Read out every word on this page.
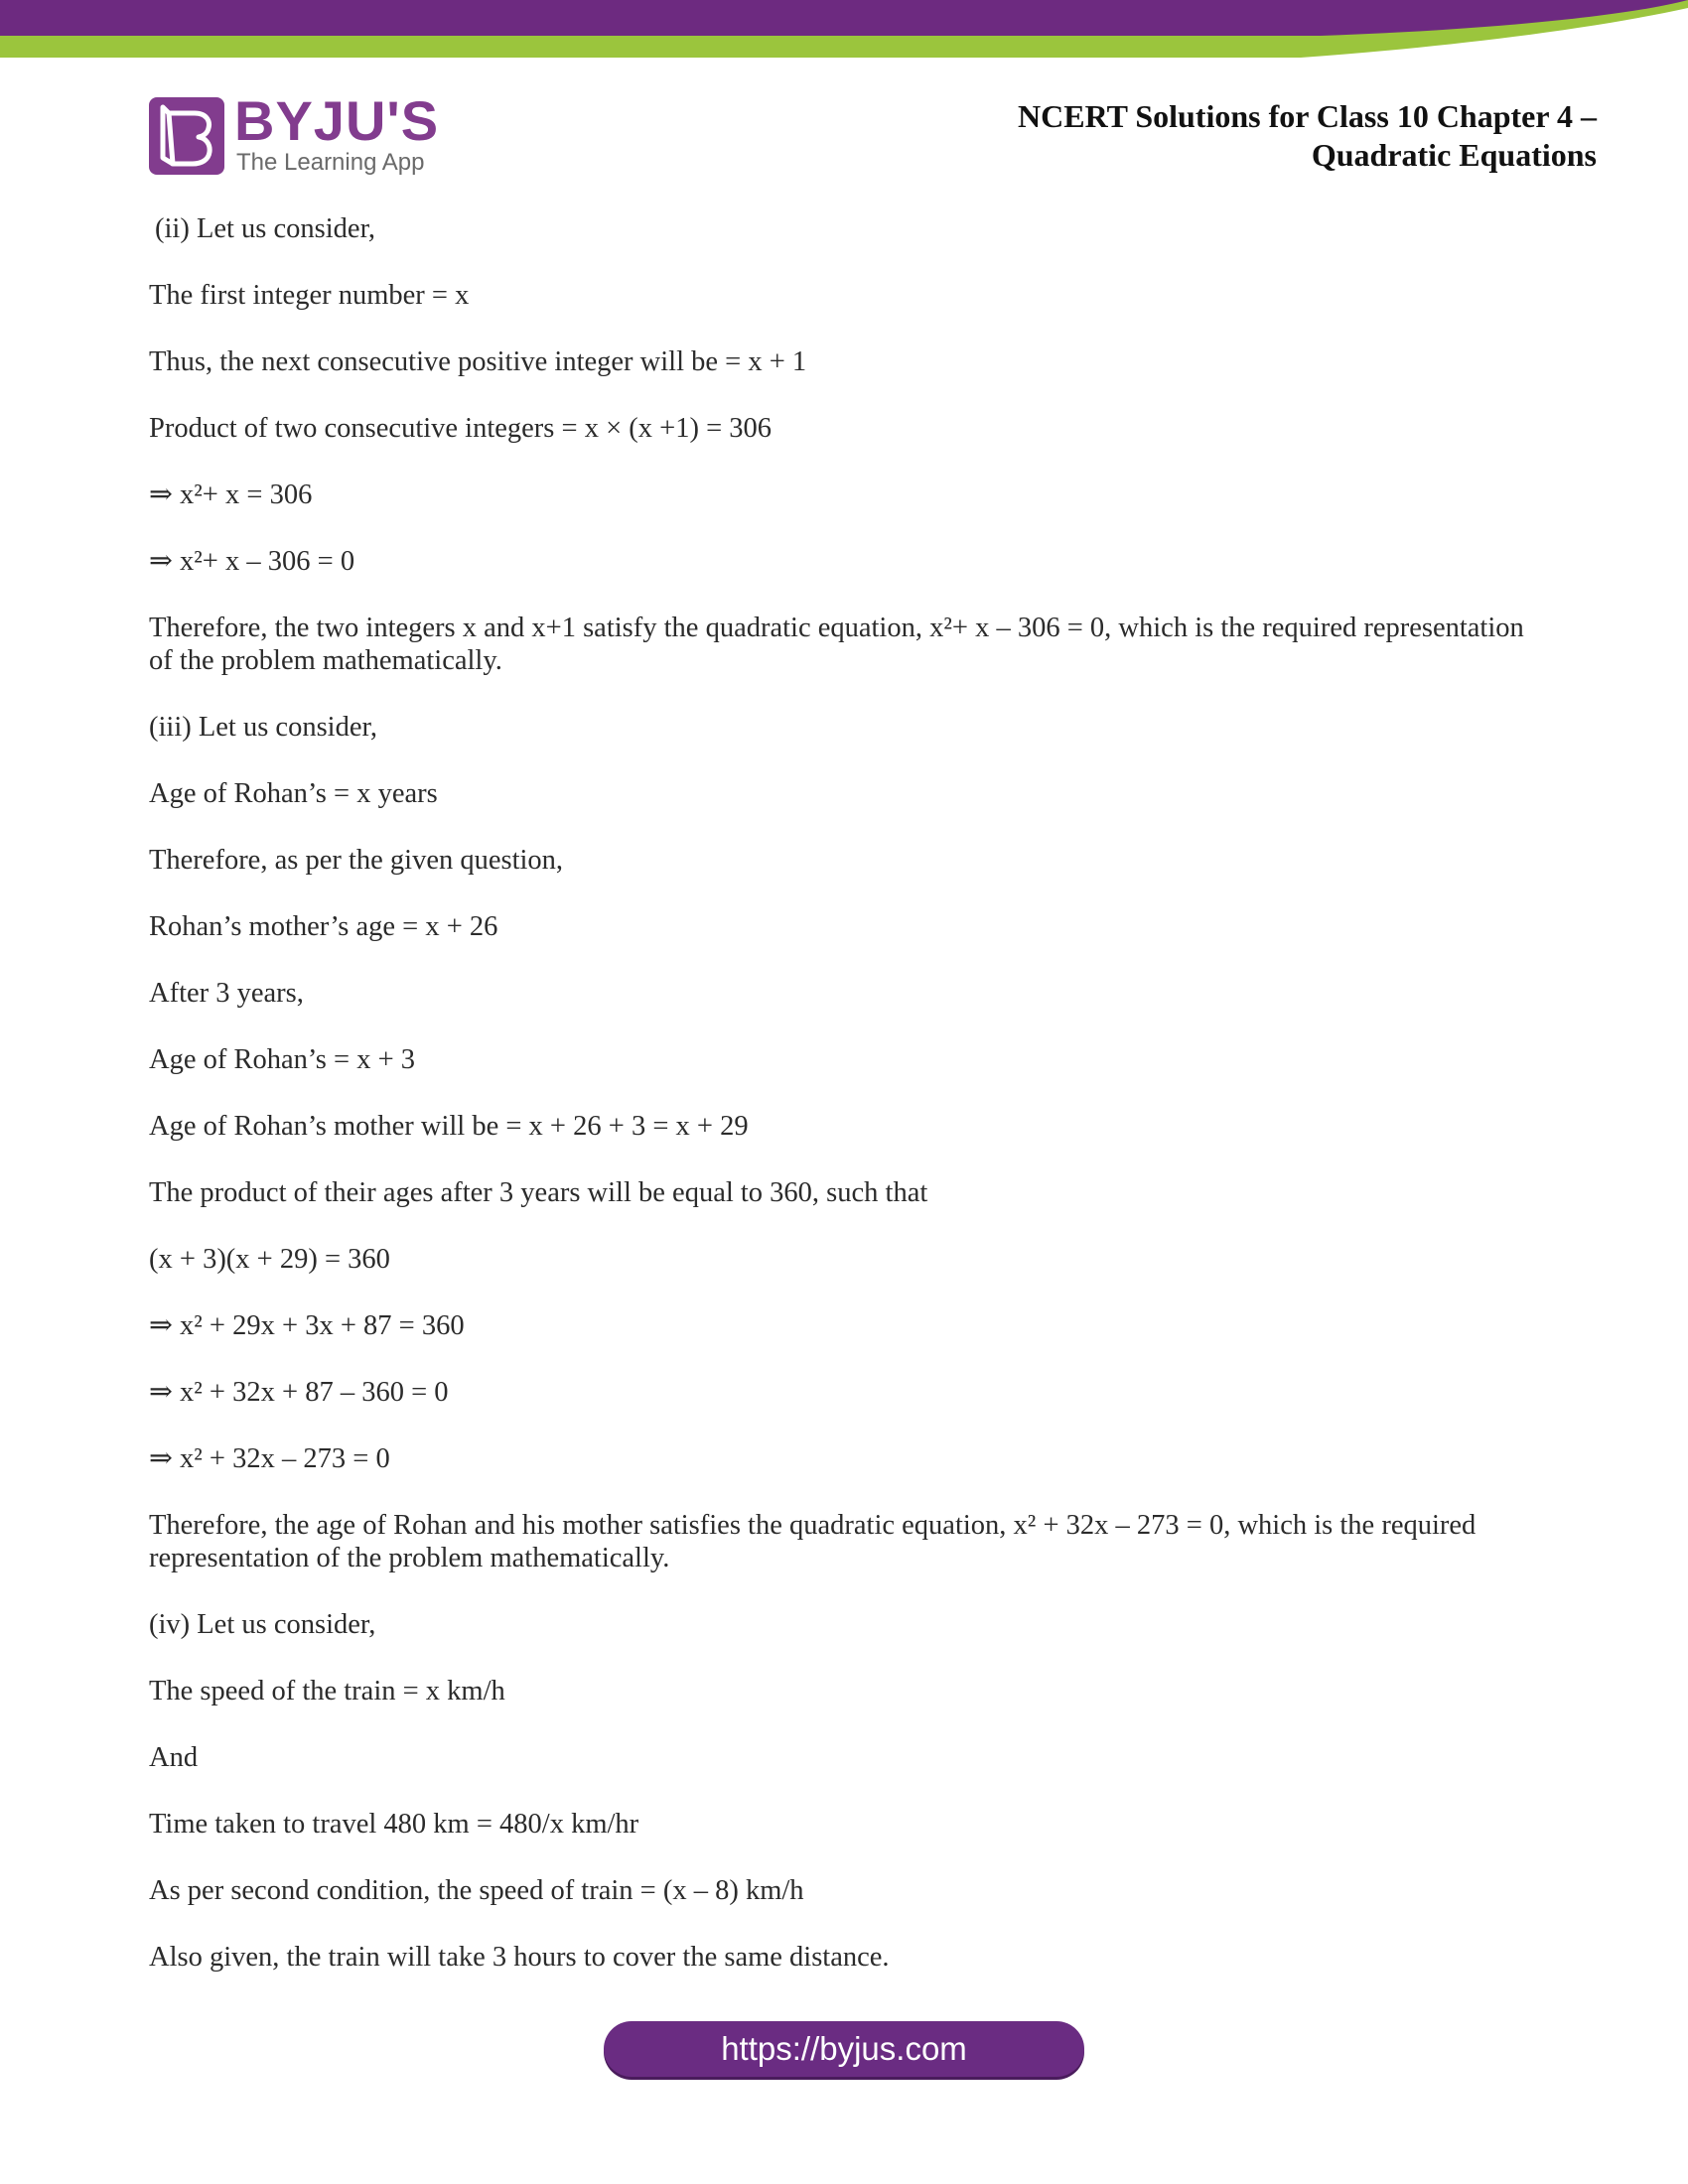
BYJU'S
The Learning App
NCERT Solutions for Class 10 Chapter 4 –
Quadratic Equations

(ii) Let us consider,

The first integer number = x

Thus, the next consecutive positive integer will be = x + 1

Product of two consecutive integers = x × (x +1) = 306

⇒ x²+ x = 306

⇒ x²+ x – 306 = 0

Therefore, the two integers x and x+1 satisfy the quadratic equation, x²+ x – 306 = 0, which is the required representation of the problem mathematically.

(iii) Let us consider,

Age of Rohan’s = x years

Therefore, as per the given question,

Rohan’s mother’s age = x + 26

After 3 years,

Age of Rohan’s = x + 3

Age of Rohan’s mother will be = x + 26 + 3 = x + 29

The product of their ages after 3 years will be equal to 360, such that

(x + 3)(x + 29) = 360

⇒ x² + 29x + 3x + 87 = 360

⇒ x² + 32x + 87 – 360 = 0

⇒ x² + 32x – 273 = 0

Therefore, the age of Rohan and his mother satisfies the quadratic equation, x² + 32x – 273 = 0, which is the required representation of the problem mathematically.

(iv) Let us consider,

The speed of the train = x km/h

And

Time taken to travel 480 km = 480/x km/hr

As per second condition, the speed of train = (x – 8) km/h

Also given, the train will take 3 hours to cover the same distance.

https://byjus.com
